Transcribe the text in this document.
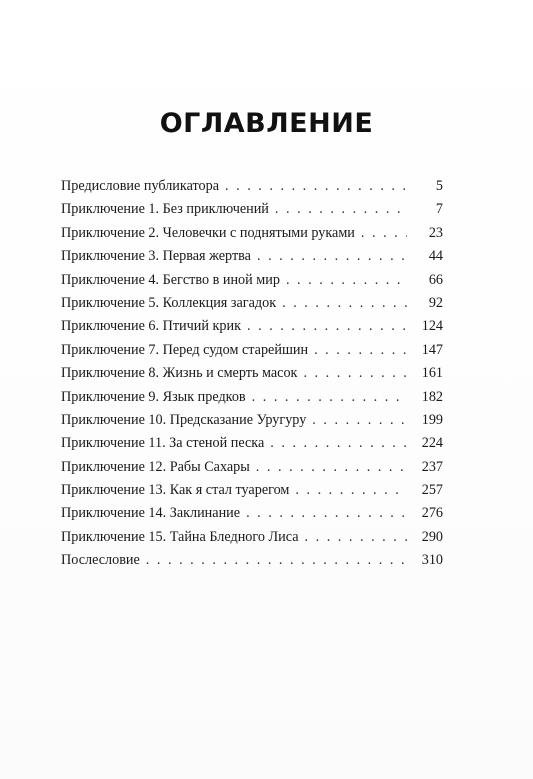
ОГЛАВЛЕНИЕ
Предисловие публикатора . . .	5
Приключение 1. Без приключений . . .	7
Приключение 2. Человечки с поднятыми руками . . .	23
Приключение 3. Первая жертва . . .	44
Приключение 4. Бегство в иной мир . . .	66
Приключение 5. Коллекция загадок . . .	92
Приключение 6. Птичий крик . . .	124
Приключение 7. Перед судом старейшин . . .	147
Приключение 8. Жизнь и смерть масок . . .	161
Приключение 9. Язык предков . . .	182
Приключение 10. Предсказание Уругуру . . .	199
Приключение 11. За стеной песка . . .	224
Приключение 12. Рабы Сахары . . .	237
Приключение 13. Как я стал туарегом . . .	257
Приключение 14. Заклинание . . .	276
Приключение 15. Тайна Бледного Лиса . . .	290
Послесловие . . .	310
